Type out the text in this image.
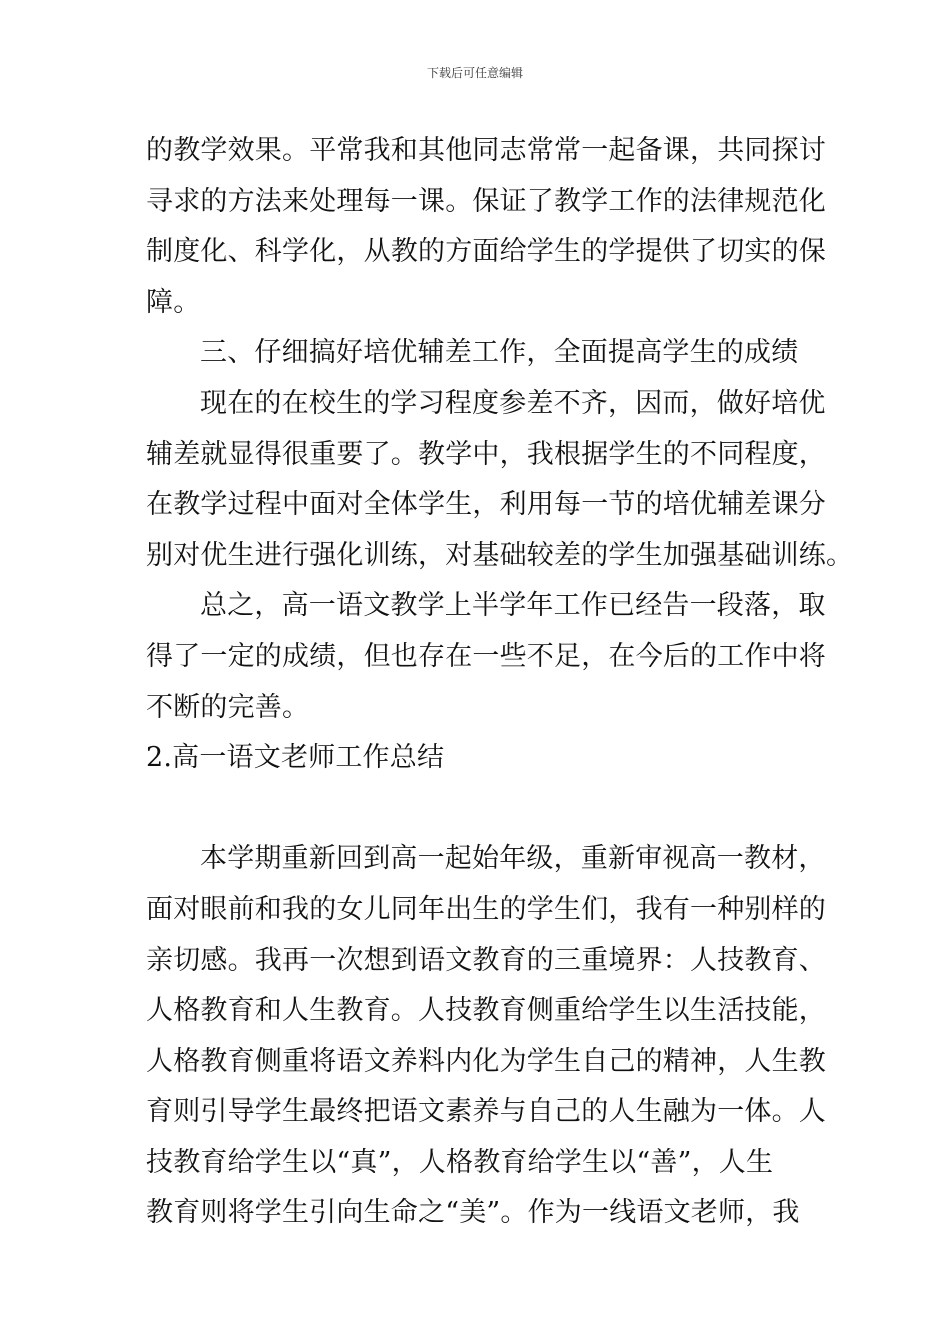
下载后可任意编辑
的教学效果。平常我和其他同志常常一起备课，共同探讨
寻求的方法来处理每一课。保证了教学工作的法律规范化
制度化、科学化，从教的方面给学生的学提供了切实的保
障。
三、仔细搞好培优辅差工作，全面提高学生的成绩
现在的在校生的学习程度参差不齐，因而，做好培优
辅差就显得很重要了。教学中，我根据学生的不同程度，
在教学过程中面对全体学生，利用每一节的培优辅差课分
别对优生进行强化训练，对基础较差的学生加强基础训练。
总之，高一语文教学上半学年工作已经告一段落，取
得了一定的成绩，但也存在一些不足，在今后的工作中将
不断的完善。
2.高一语文老师工作总结
本学期重新回到高一起始年级，重新审视高一教材，
面对眼前和我的女儿同年出生的学生们，我有一种别样的
亲切感。我再一次想到语文教育的三重境界：人技教育、
人格教育和人生教育。人技教育侧重给学生以生活技能，
人格教育侧重将语文养料内化为学生自己的精神，人生教
育则引导学生最终把语文素养与自己的人生融为一体。人
技教育给学生以“真”，人格教育给学生以“善”，人生
教育则将学生引向生命之“美”。作为一线语文老师，我
